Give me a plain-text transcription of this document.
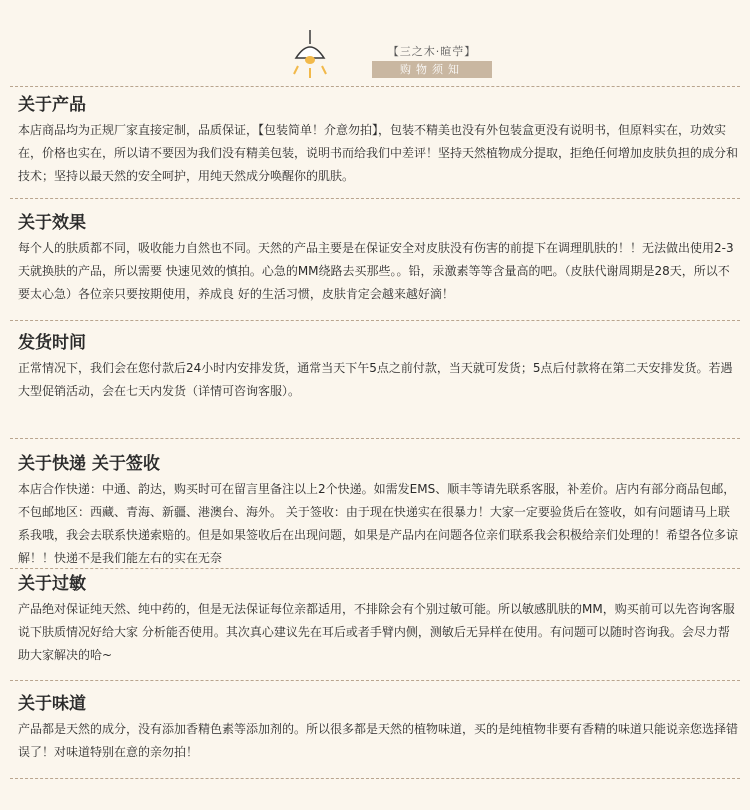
【三之木·暄苧】
购物须知
关于产品
本店商品均为正规厂家直接定制，品质保证，【包装简单！介意勿拍】，包装不精美也没有外包装盒更没有说明书，但原料实在，功效实在，价格也实在，所以请不要因为我们没有精美包装，说明书而给我们中差评！坚持天然植物成分提取，拒绝任何增加皮肤负担的成分和技术；坚持以最天然的安全呵护，用纯天然成分唤醒你的肌肤。
关于效果
每个人的肤质都不同，吸收能力自然也不同。天然的产品主要是在保证安全对皮肤没有伤害的前提下在调理肌肤的！！无法做出使用2-3天就换肤的产品，所以需要 快速见效的慎拍。心急的MM绕路去买那些。。铅，汞激素等等含量高的吧。（皮肤代谢周期是28天，所以不要太心急）各位亲只要按期使用，养成良 好的生活习惯，皮肤肯定会越来越好滴！
发货时间
正常情况下，我们会在您付款后24小时内安排发货，通常当天下午5点之前付款，当天就可发货；5点后付款将在第二天安排发货。若遇大型促销活动，会在七天内发货（详情可咨询客服）。
关于快递 关于签收
本店合作快递：中通、韵达，购买时可在留言里备注以上2个快递。如需发EMS、顺丰等请先联系客服，补差价。店内有部分商品包邮，不包邮地区：西藏、青海、新疆、港澳台、海外。 关于签收：由于现在快递实在很暴力！大家一定要验货后在签收，如有问题请马上联系我哦，我会去联系快递索赔的。但是如果签收后在出现问题，如果是产品内在问题各位亲们联系我会积极给亲们处理的！希望各位多谅解！！快递不是我们能左右的实在无奈
关于过敏
产品绝对保证纯天然、纯中药的，但是无法保证每位亲都适用，不排除会有个别过敏可能。所以敏感肌肤的MM，购买前可以先咨询客服说下肤质情况好给大家 分析能否使用。其次真心建议先在耳后或者手臂内侧，测敏后无异样在使用。有问题可以随时咨询我。会尽力帮助大家解决的哈~
关于味道
产品都是天然的成分，没有添加香精色素等添加剂的。所以很多都是天然的植物味道，买的是纯植物非要有香精的味道只能说亲您选择错误了！对味道特别在意的亲勿拍！
